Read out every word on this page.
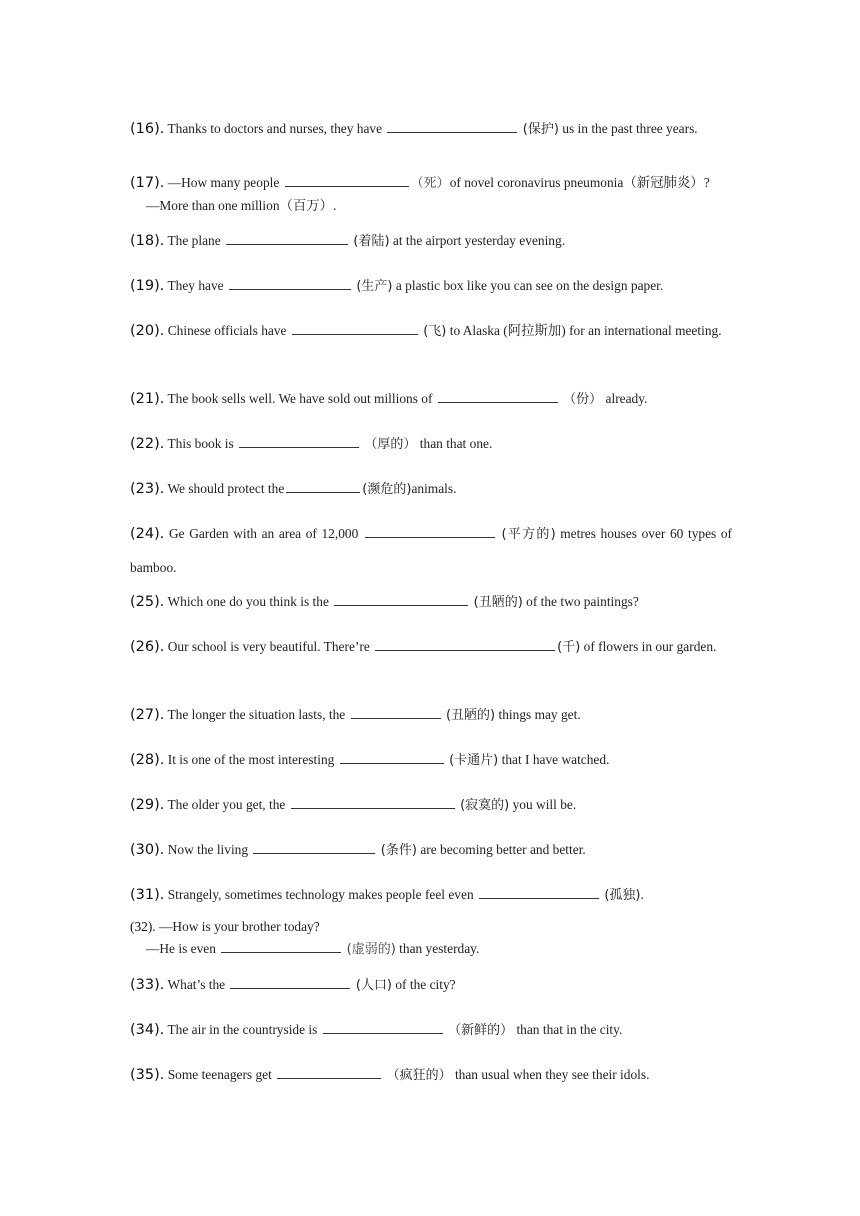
(16). Thanks to doctors and nurses, they have	(保护) us in the past three years.
(17). —How many people	（死）of novel coronavirus pneumonia（新冠肺炎）?
—More than one million（百万）.
(18). The plane	(着陆) at the airport yesterday evening.
(19). They have	(生产) a plastic box like you can see on the design paper.
(20). Chinese officials have	(飞) to Alaska (阿拉斯加) for an international meeting.
(21). The book sells well. We have sold out millions of	（份） already.
(22). This book is	（厚的） than that one.
(23). We should protect the	(濒危的)animals.
(24). Ge Garden with an area of 12,000	(平方的) metres houses over 60 types of bamboo.
(25). Which one do you think is the	(丑陋的) of the two paintings?
(26). Our school is very beautiful. There’re	(千) of flowers in our garden.
(27). The longer the situation lasts, the	(丑陋的) things may get.
(28). It is one of the most interesting	(卡通片) that I have watched.
(29). The older you get, the	(寂寞的) you will be.
(30). Now the living	(条件) are becoming better and better.
(31). Strangely, sometimes technology makes people feel even	(孤独).
(32). —How is your brother today?
—He is even	(虚弱的) than yesterday.
(33). What’s the	(人口) of the city?
(34). The air in the countryside is	（新鲜的） than that in the city.
(35). Some teenagers get	（疯狂的） than usual when they see their idols.
